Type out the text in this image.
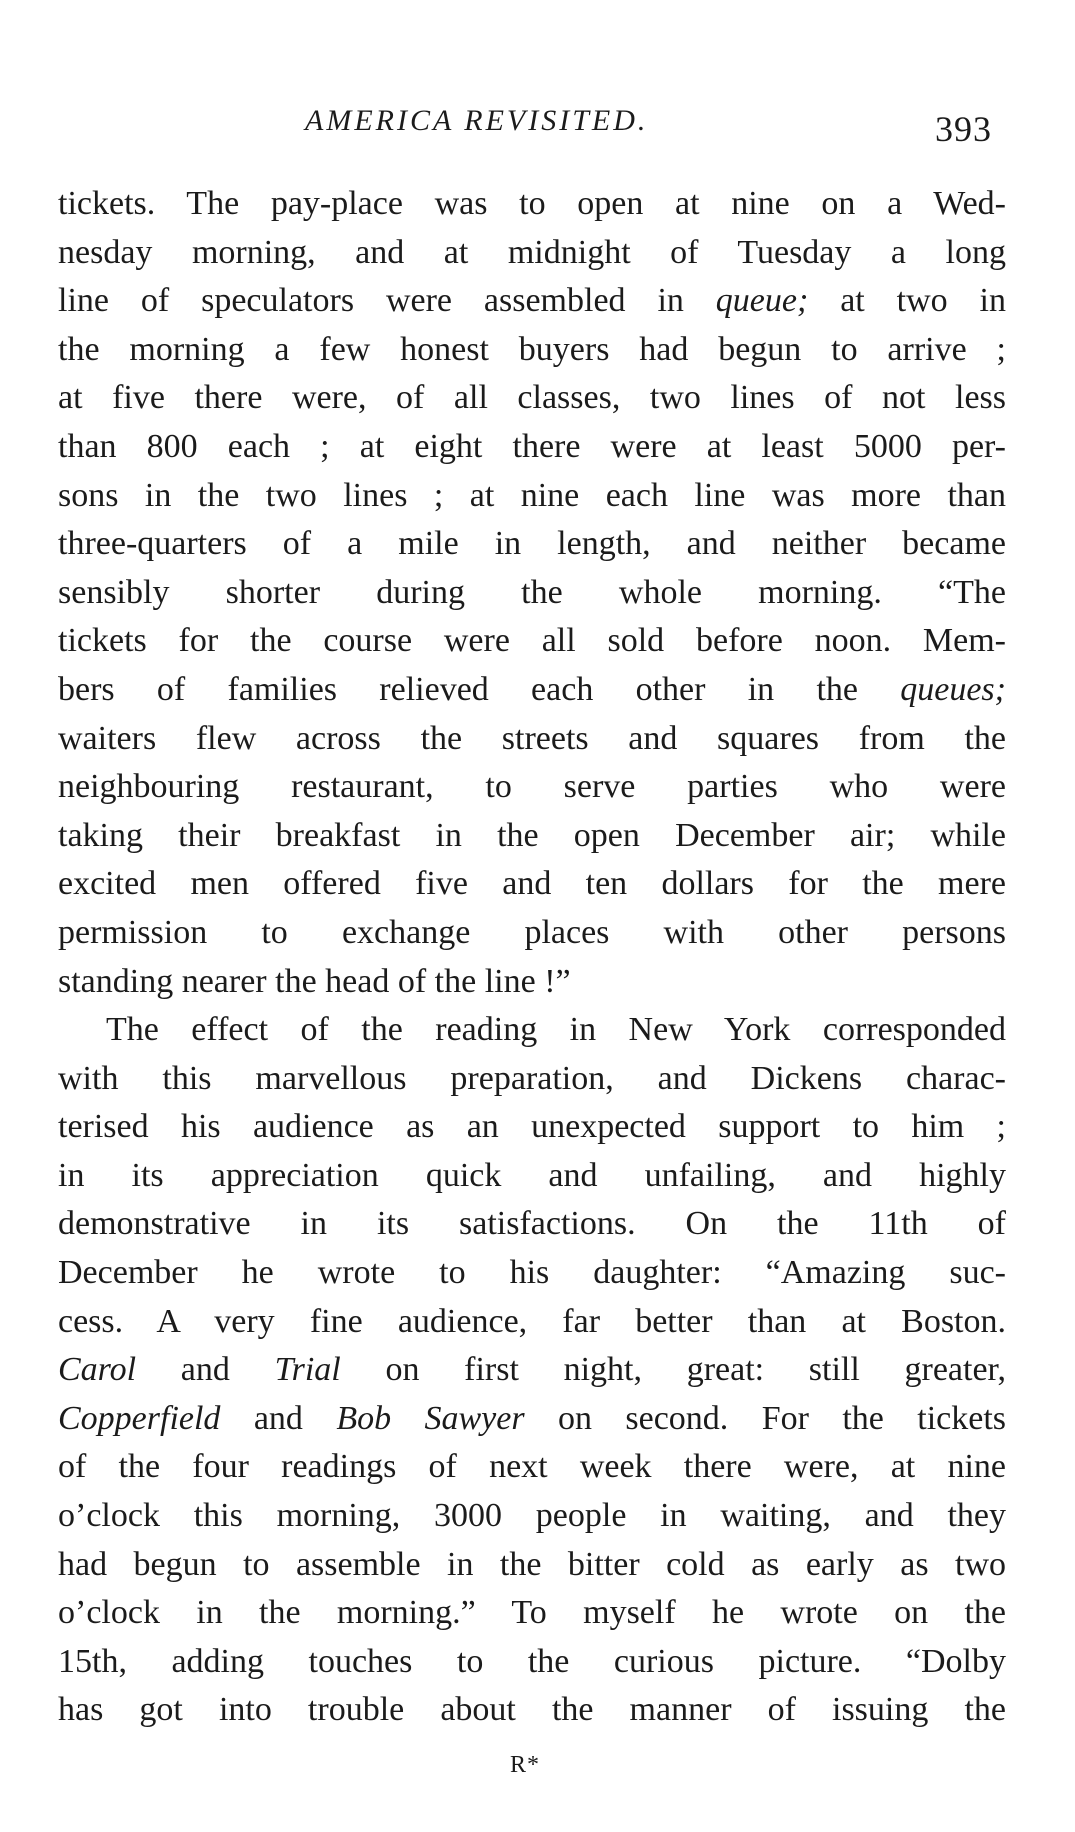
AMERICA REVISITED.	393
tickets. The pay-place was to open at nine on a Wed-
nesday morning, and at midnight of Tuesday a long
line of speculators were assembled in queue; at two in
the morning a few honest buyers had begun to arrive ;
at five there were, of all classes, two lines of not less
than 800 each ; at eight there were at least 5000 per-
sons in the two lines ; at nine each line was more than
three-quarters of a mile in length, and neither became
sensibly shorter during the whole morning. “The
tickets for the course were all sold before noon. Mem-
bers of families relieved each other in the queues;
waiters flew across the streets and squares from the
neighbouring restaurant, to serve parties who were
taking their breakfast in the open December air; while
excited men offered five and ten dollars for the mere
permission to exchange places with other persons
standing nearer the head of the line !”
The effect of the reading in New York corresponded
with this marvellous preparation, and Dickens charac-
terised his audience as an unexpected support to him ;
in its appreciation quick and unfailing, and highly
demonstrative in its satisfactions. On the 11th of
December he wrote to his daughter: “Amazing suc-
cess. A very fine audience, far better than at Boston.
Carol and Trial on first night, great: still greater,
Copperfield and Bob Sawyer on second. For the tickets
of the four readings of next week there were, at nine
o’clock this morning, 3000 people in waiting, and they
had begun to assemble in the bitter cold as early as two
o’clock in the morning.” To myself he wrote on the
15th, adding touches to the curious picture. “Dolby
has got into trouble about the manner of issuing the
R*
